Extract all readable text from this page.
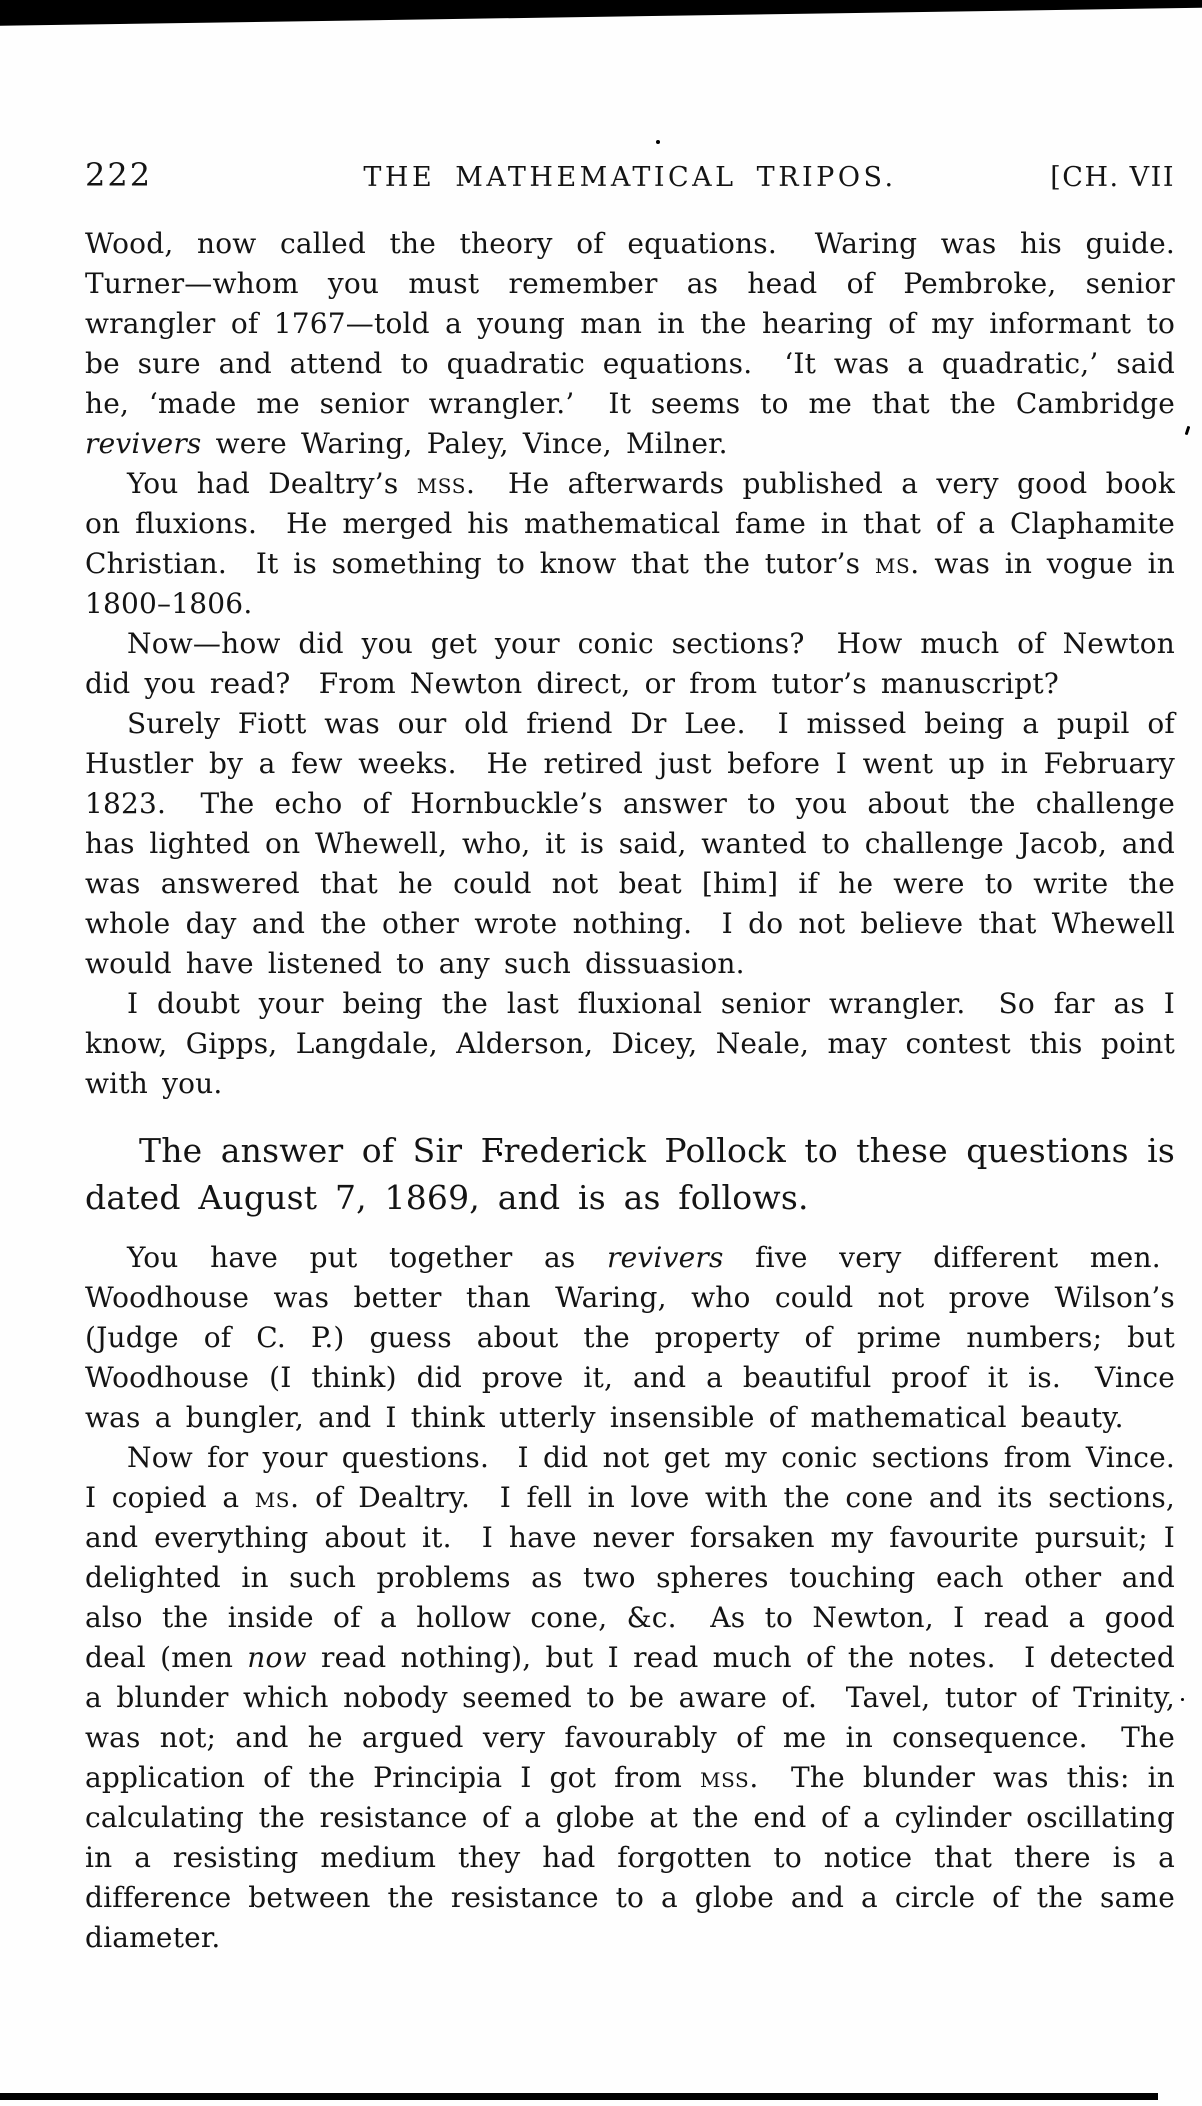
222	THE MATHEMATICAL TRIPOS.	[CH. VII

Wood, now called the theory of equations.  Waring was his guide. Turner—whom you must remember as head of Pembroke, senior wrangler of 1767—told a young man in the hearing of my informant to be sure and attend to quadratic equations.  ‘It was a quadratic,’ said he, ‘made me senior wrangler.’  It seems to me that the Cambridge revivers were Waring, Paley, Vince, Milner.

You had Dealtry’s mss.  He afterwards published a very good book on fluxions.  He merged his mathematical fame in that of a Claphamite Christian.  It is something to know that the tutor’s ms. was in vogue in 1800–1806.

Now—how did you get your conic sections?  How much of Newton did you read?  From Newton direct, or from tutor’s manuscript?

Surely Fiott was our old friend Dr Lee.  I missed being a pupil of Hustler by a few weeks.  He retired just before I went up in February 1823.  The echo of Hornbuckle’s answer to you about the challenge has lighted on Whewell, who, it is said, wanted to challenge Jacob, and was answered that he could not beat [him] if he were to write the whole day and the other wrote nothing.  I do not believe that Whewell would have listened to any such dissuasion.

I doubt your being the last fluxional senior wrangler.  So far as I know, Gipps, Langdale, Alderson, Dicey, Neale, may contest this point with you.

The answer of Sir Frederick Pollock to these questions is dated August 7, 1869, and is as follows.

You have put together as revivers five very different men.  Woodhouse was better than Waring, who could not prove Wilson’s (Judge of C. P.) guess about the property of prime numbers; but Woodhouse (I think) did prove it, and a beautiful proof it is.  Vince was a bungler, and I think utterly insensible of mathematical beauty.

Now for your questions.  I did not get my conic sections from Vince. I copied a ms. of Dealtry.  I fell in love with the cone and its sections, and everything about it.  I have never forsaken my favourite pursuit; I delighted in such problems as two spheres touching each other and also the inside of a hollow cone, &c.  As to Newton, I read a good deal (men now read nothing), but I read much of the notes.  I detected a blunder which nobody seemed to be aware of.  Tavel, tutor of Trinity, was not; and he argued very favourably of me in consequence.  The application of the Principia I got from mss.  The blunder was this: in calculating the resistance of a globe at the end of a cylinder oscillating in a resisting medium they had forgotten to notice that there is a difference between the resistance to a globe and a circle of the same diameter.
